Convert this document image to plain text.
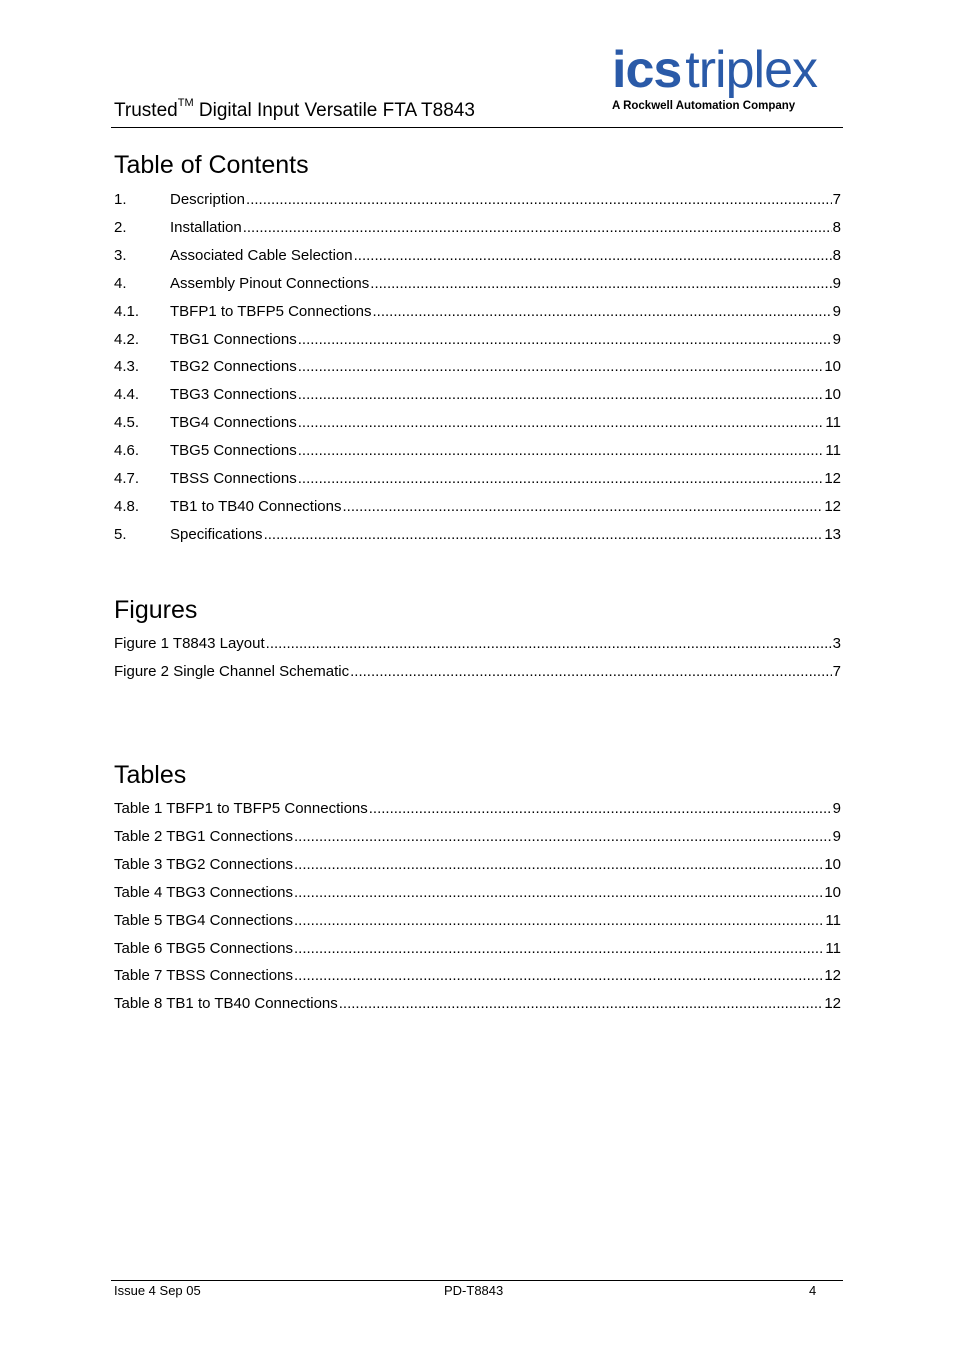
Trusted™ Digital Input Versatile FTA T8843
icstriplex
A Rockwell Automation Company
Table of Contents
1.	Description .....	7
2.	Installation .....	8
3.	Associated Cable Selection .....	8
4.	Assembly Pinout Connections .....	9
4.1.	TBFP1 to TBFP5 Connections .....	9
4.2.	TBG1 Connections .....	9
4.3.	TBG2 Connections .....	10
4.4.	TBG3 Connections .....	10
4.5.	TBG4 Connections .....	11
4.6.	TBG5 Connections .....	11
4.7.	TBSS Connections .....	12
4.8.	TB1 to TB40 Connections .....	12
5.	Specifications .....	13
Figures
Figure 1 T8843 Layout .....	3
Figure 2 Single Channel Schematic .....	7
Tables
Table 1 TBFP1 to TBFP5 Connections .....	9
Table 2 TBG1 Connections .....	9
Table 3 TBG2 Connections .....	10
Table 4 TBG3 Connections .....	10
Table 5 TBG4 Connections .....	11
Table 6 TBG5 Connections .....	11
Table 7 TBSS Connections .....	12
Table 8 TB1 to TB40 Connections .....	12
Issue 4 Sep 05	PD-T8843	4
